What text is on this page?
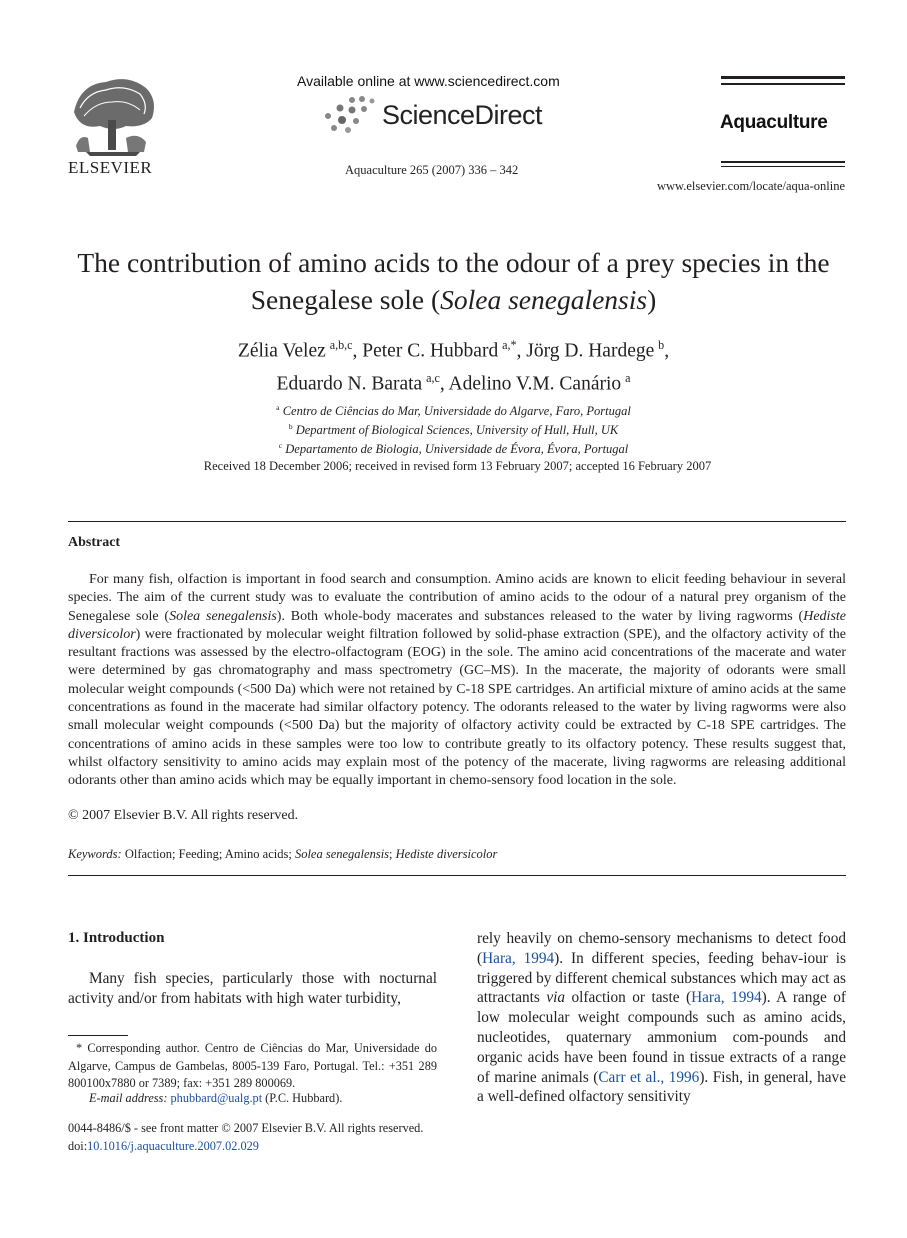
ELSEVIER
Available online at www.sciencedirect.com
ScienceDirect
Aquaculture 265 (2007) 336 – 342
Aquaculture
www.elsevier.com/locate/aqua-online
The contribution of amino acids to the odour of a prey species in the
Senegalese sole (Solea senegalensis)
Zélia Velez  $^{a,b,c}$, Peter C. Hubbard  $^{a,*}$, Jörg D. Hardege  $^b$,
Eduardo N. Barata  $^{a,c}$, Adelino V.M. Canário  $^a$
$^a$ Centro de Ciências do Mar, Universidade do Algarve, Faro, Portugal
$^b$ Department of Biological Sciences, University of Hull, Hull, UK
$^c$ Departamento de Biologia, Universidade de Évora, Évora, Portugal
Received 18 December 2006; received in revised form 13 February 2007; accepted 16 February 2007
Abstract
For many fish, olfaction is important in food search and consumption. Amino acids are known to elicit feeding behaviour in several species. The aim of the current study was to evaluate the contribution of amino acids to the odour of a natural prey organism of the Senegalese sole (Solea senegalensis). Both whole-body macerates and substances released to the water by living ragworms (Hediste diversicolor) were fractionated by molecular weight filtration followed by solid-phase extraction (SPE), and the olfactory activity of the resultant fractions was assessed by the electro-olfactogram (EOG) in the sole. The amino acid concentrations of the macerate and water were determined by gas chromatography and mass spectrometry (GC–MS). In the macerate, the majority of odorants were small molecular weight compounds (<500 Da) which were not retained by C-18 SPE cartridges. An artificial mixture of amino acids at the same concentrations as found in the macerate had similar olfactory potency. The odorants released to the water by living ragworms were also small molecular weight compounds (<500 Da) but the majority of olfactory activity could be extracted by C-18 SPE cartridges. The concentrations of amino acids in these samples were too low to contribute greatly to its olfactory potency. These results suggest that, whilst olfactory sensitivity to amino acids may explain most of the potency of the macerate, living ragworms are releasing additional odorants other than amino acids which may be equally important in chemo-sensory food location in the sole.
© 2007 Elsevier B.V. All rights reserved.
Keywords: Olfaction; Feeding; Amino acids; Solea senegalensis; Hediste diversicolor
1. Introduction
Many fish species, particularly those with nocturnal activity and/or from habitats with high water turbidity,
rely heavily on chemo-sensory mechanisms to detect food (Hara, 1994). In different species, feeding behav-iour is triggered by different chemical substances which may act as attractants via olfaction or taste (Hara, 1994). A range of low molecular weight compounds such as amino acids, nucleotides, quaternary ammonium com-pounds and organic acids have been found in tissue extracts of a range of marine animals (Carr et al., 1996). Fish, in general, have a well-defined olfactory sensitivity
* Corresponding author. Centro de Ciências do Mar, Universidade do Algarve, Campus de Gambelas, 8005-139 Faro, Portugal. Tel.: +351 289 800100x7880 or 7389; fax: +351 289 800069.
E-mail address: phubbard@ualg.pt (P.C. Hubbard).
0044-8486/$ - see front matter © 2007 Elsevier B.V. All rights reserved.
doi:10.1016/j.aquaculture.2007.02.029
